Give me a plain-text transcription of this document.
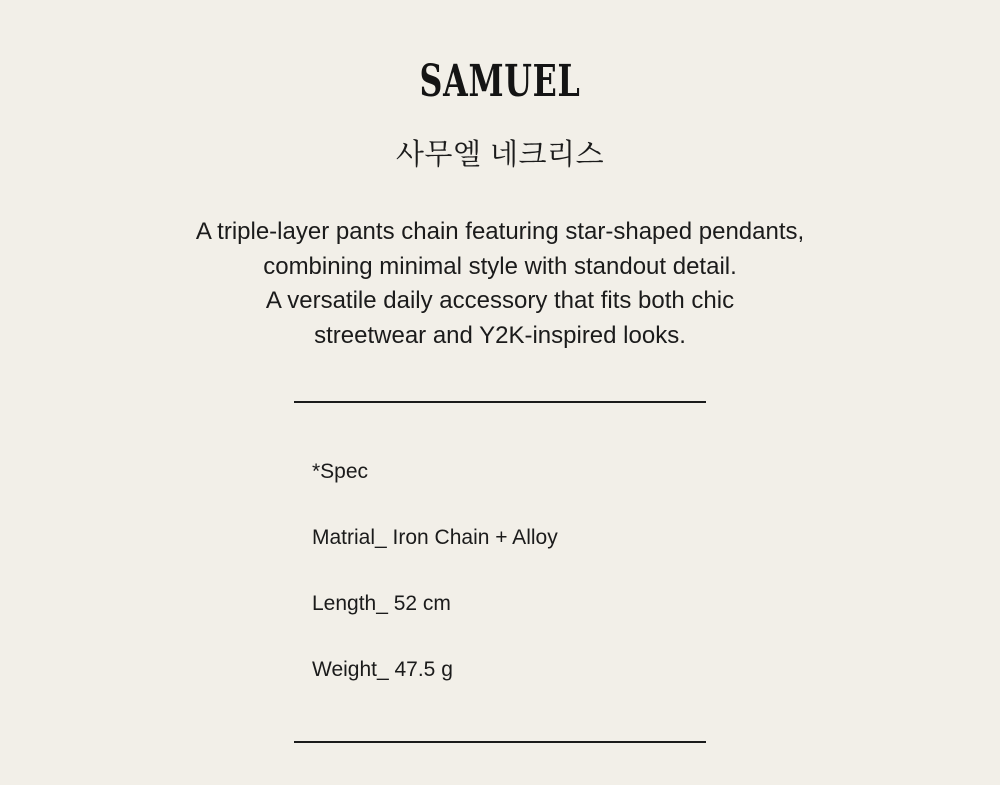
SAMUEL
사무엘 네크리스
A triple-layer pants chain featuring star-shaped pendants,
combining minimal style with standout detail.
A versatile daily accessory that fits both chic
streetwear and Y2K-inspired looks.
*Spec
Matrial_ Iron Chain + Alloy
Length_ 52 cm
Weight_ 47.5 g
